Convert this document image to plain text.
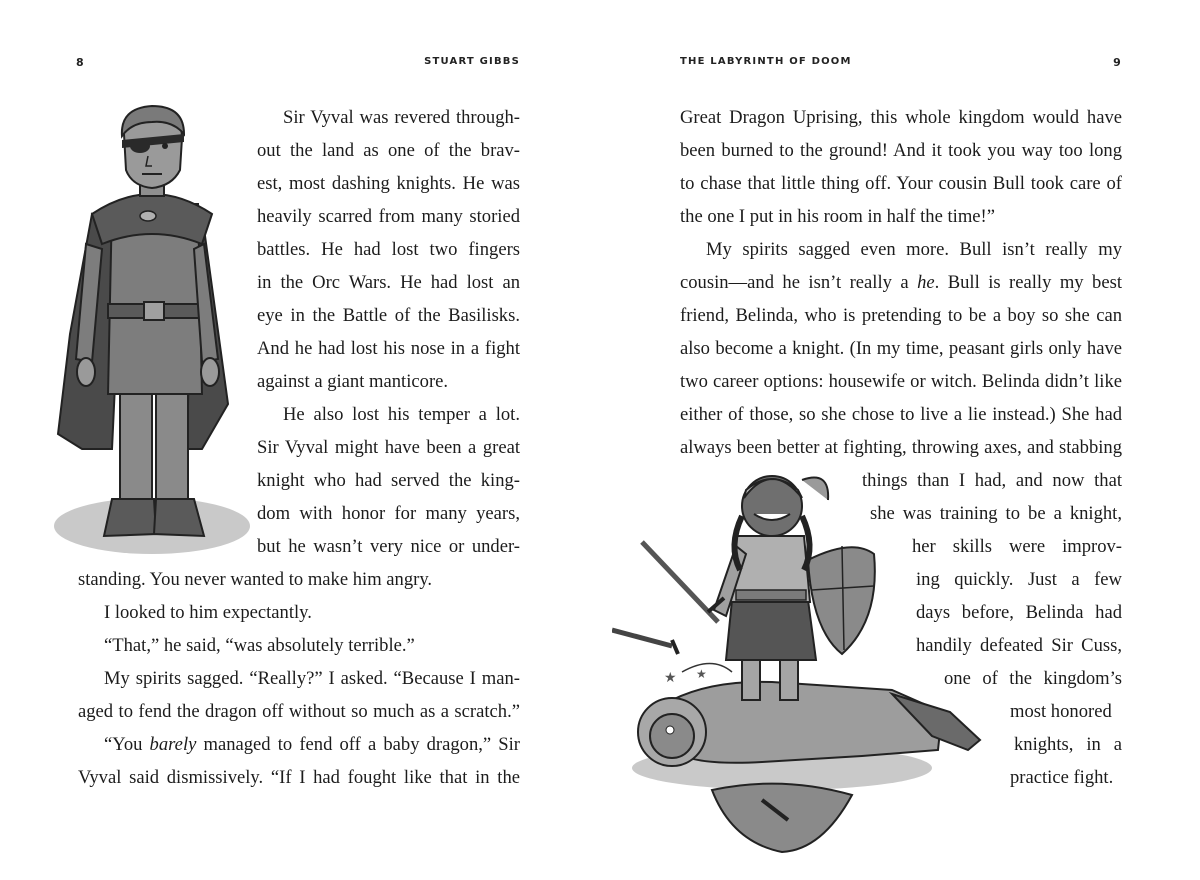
8	STUART GIBBS
Sir Vyval was revered through-
out the land as one of the brav-
est, most dashing knights. He was
heavily scarred from many storied
battles. He had lost two fingers
in the Orc Wars. He had lost an
eye in the Battle of the Basilisks.
And he had lost his nose in a fight
against a giant manticore.
He also lost his temper a lot.
Sir Vyval might have been a great
knight who had served the king-
dom with honor for many years,
but he wasn’t very nice or under-
standing. You never wanted to make him angry.
I looked to him expectantly.
“That,” he said, “was absolutely terrible.”
My spirits sagged. “Really?” I asked. “Because I man-
aged to fend the dragon off without so much as a scratch.”
“You barely managed to fend off a baby dragon,” Sir
Vyval said dismissively. “If I had fought like that in the
THE LABYRINTH OF DOOM	9
★ ★
Great Dragon Uprising, this whole kingdom would have
been burned to the ground! And it took you way too long
to chase that little thing off. Your cousin Bull took care of
the one I put in his room in half the time!”
My spirits sagged even more. Bull isn’t really my
cousin—and he isn’t really a he. Bull is really my best
friend, Belinda, who is pretending to be a boy so she can
also become a knight. (In my time, peasant girls only have
two career options: housewife or witch. Belinda didn’t like
either of those, so she chose to live a lie instead.) She had
always been better at fighting, throwing axes, and stabbing
things than I had, and now that
she was training to be a knight,
her skills were improv-
ing quickly. Just a few
days before, Belinda had
handily defeated Sir Cuss,
one of the kingdom’s
most honored
knights, in a
practice fight.
